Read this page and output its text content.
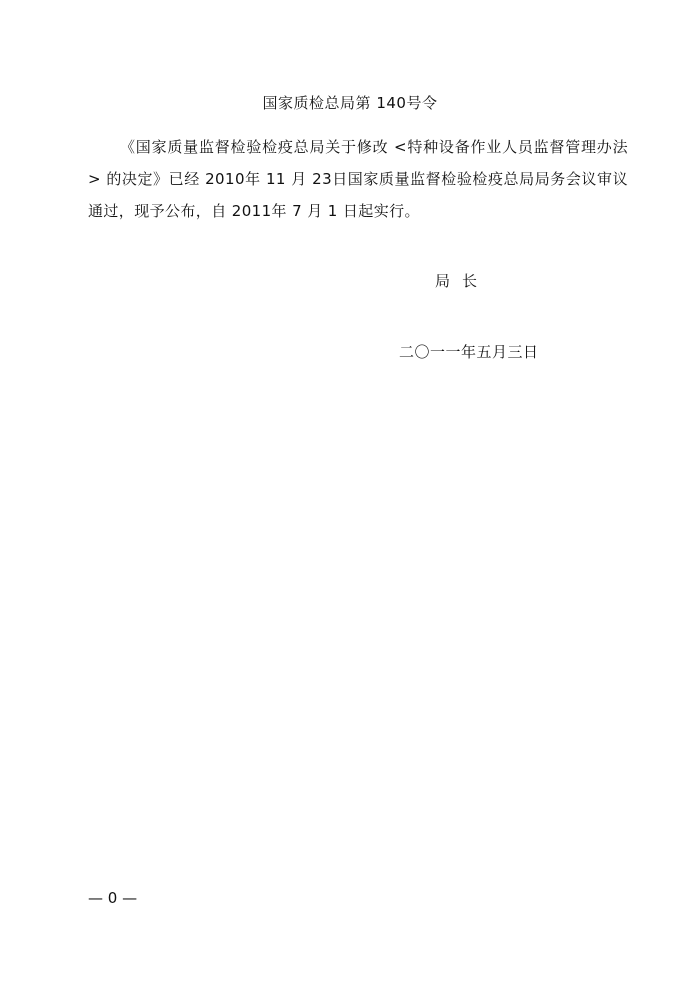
国家质检总局第 140号令

《国家质量监督检验检疫总局关于修改 <特种设备作业人员监督管理办法 > 的决定》已经 2010年 11 月 23日国家质量监督检验检疫总局局务会议审议通过，现予公布，自 2011年 7 月 1 日起实行。

局长
二〇一一年五月三日
— 0 —
